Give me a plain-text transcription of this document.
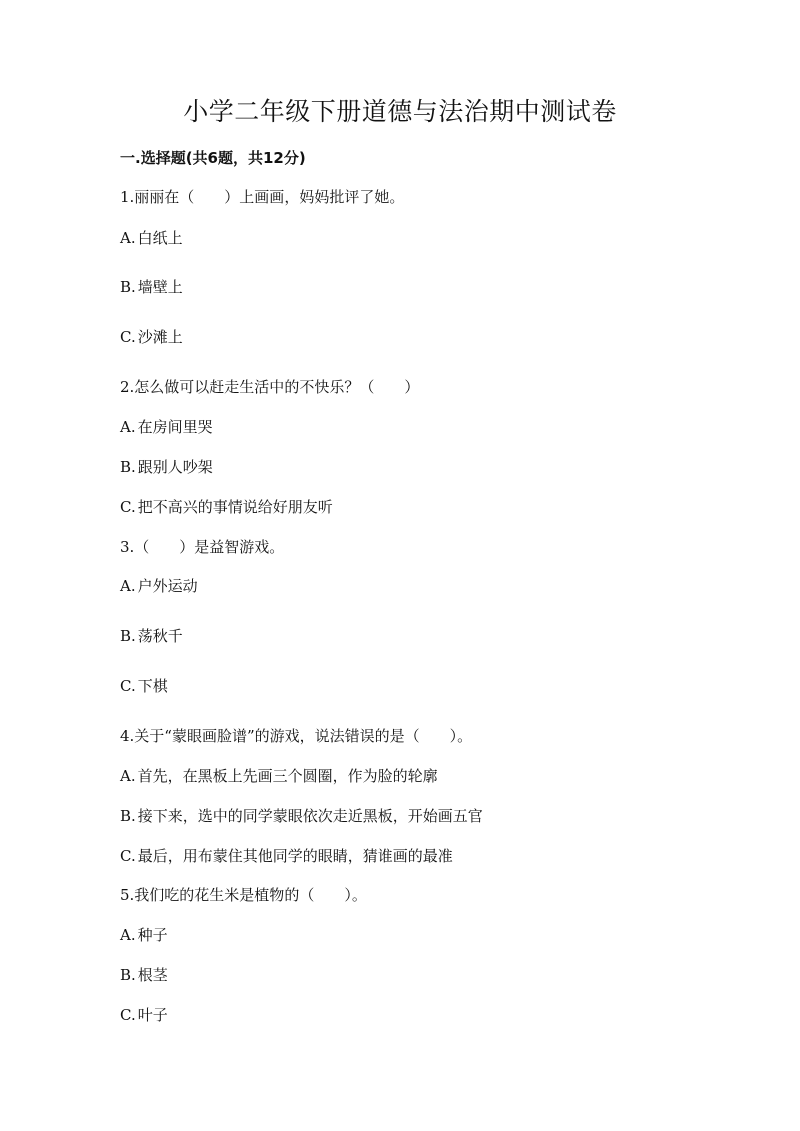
小学二年级下册道德与法治期中测试卷
一.选择题(共6题，共12分)
1.丽丽在（　　）上画画，妈妈批评了她。
A. 白纸上
B. 墙壁上
C. 沙滩上
2.怎么做可以赶走生活中的不快乐？（　　）
A. 在房间里哭
B. 跟别人吵架
C. 把不高兴的事情说给好朋友听
3.（　　）是益智游戏。
A. 户外运动
B. 荡秋千
C. 下棋
4.关于“蒙眼画脸谱”的游戏，说法错误的是（　　）。
A. 首先，在黑板上先画三个圆圈，作为脸的轮廓
B. 接下来，选中的同学蒙眼依次走近黑板，开始画五官
C. 最后，用布蒙住其他同学的眼睛，猜谁画的最准
5.我们吃的花生米是植物的（　　）。
A. 种子
B. 根茎
C. 叶子
